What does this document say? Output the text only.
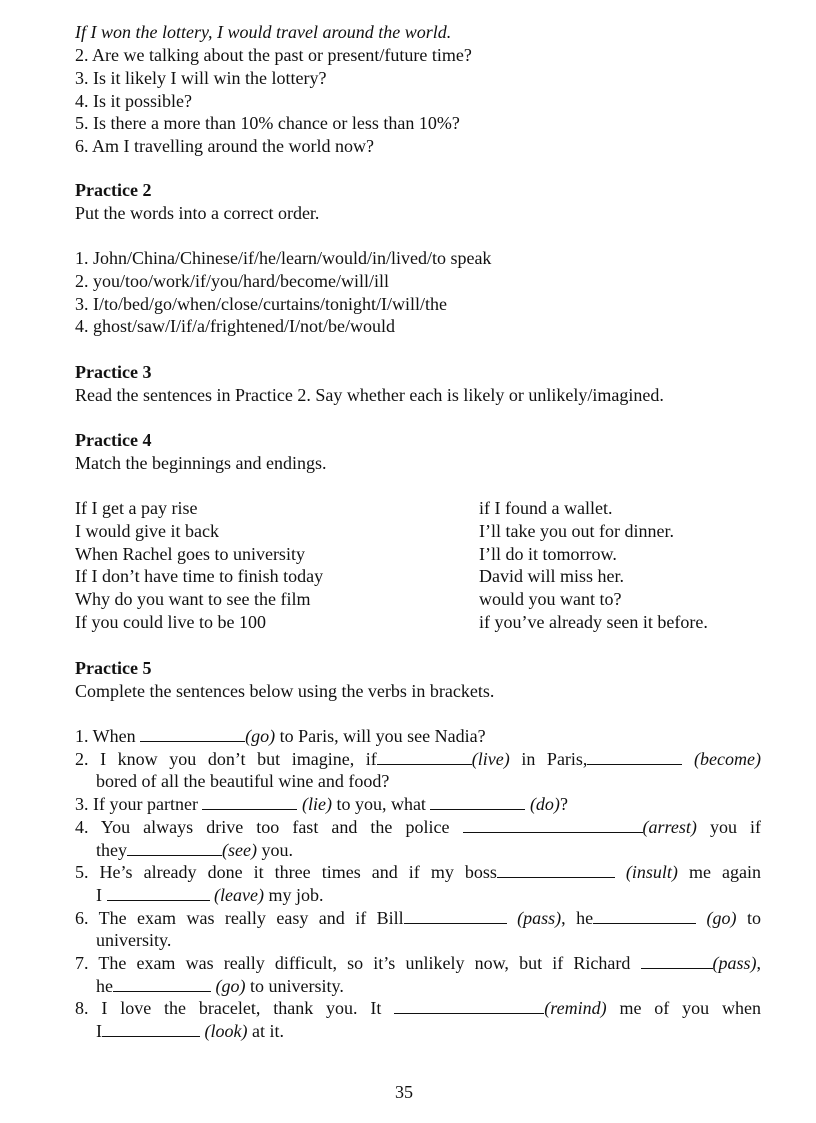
If I won the lottery, I would travel around the world.
2. Are we talking about the past or present/future time?
3. Is it likely I will win the lottery?
4. Is it possible?
5. Is there a more than 10% chance or less than 10%?
6. Am I travelling around the world now?
Practice 2
Put the words into a correct order.
1. John/China/Chinese/if/he/learn/would/in/lived/to speak
2. you/too/work/if/you/hard/become/will/ill
3. I/to/bed/go/when/close/curtains/tonight/I/will/the
4. ghost/saw/I/if/a/frightened/I/not/be/would
Practice 3
Read the sentences in Practice 2. Say whether each is likely or unlikely/imagined.
Practice 4
Match the beginnings and endings.
If I get a pay rise	if I found a wallet.
I would give it back	I’ll take you out for dinner.
When Rachel goes to university	I’ll do it tomorrow.
If I don’t have time to finish today	David will miss her.
Why do you want to see the film	would you want to?
If you could live to be 100	if you’ve already seen it before.
Practice 5
Complete the sentences below using the verbs in brackets.
1. When	(go) to Paris, will you see Nadia?
2. I know you don’t but imagine, if	(live) in Paris,	(become)
bored of all the beautiful wine and food?
3. If your partner	(lie) to you, what	(do)?
4. You always drive too fast and the police	(arrest) you if
they	(see) you.
5. He’s already done it three times and if my boss	(insult) me again
I	(leave) my job.
6. The exam was really easy and if Bill	(pass), he	(go) to
university.
7. The exam was really difficult, so it’s unlikely now, but if Richard	(pass),
he	(go) to university.
8. I love the bracelet, thank you. It	(remind) me of you when
I	(look) at it.
35
